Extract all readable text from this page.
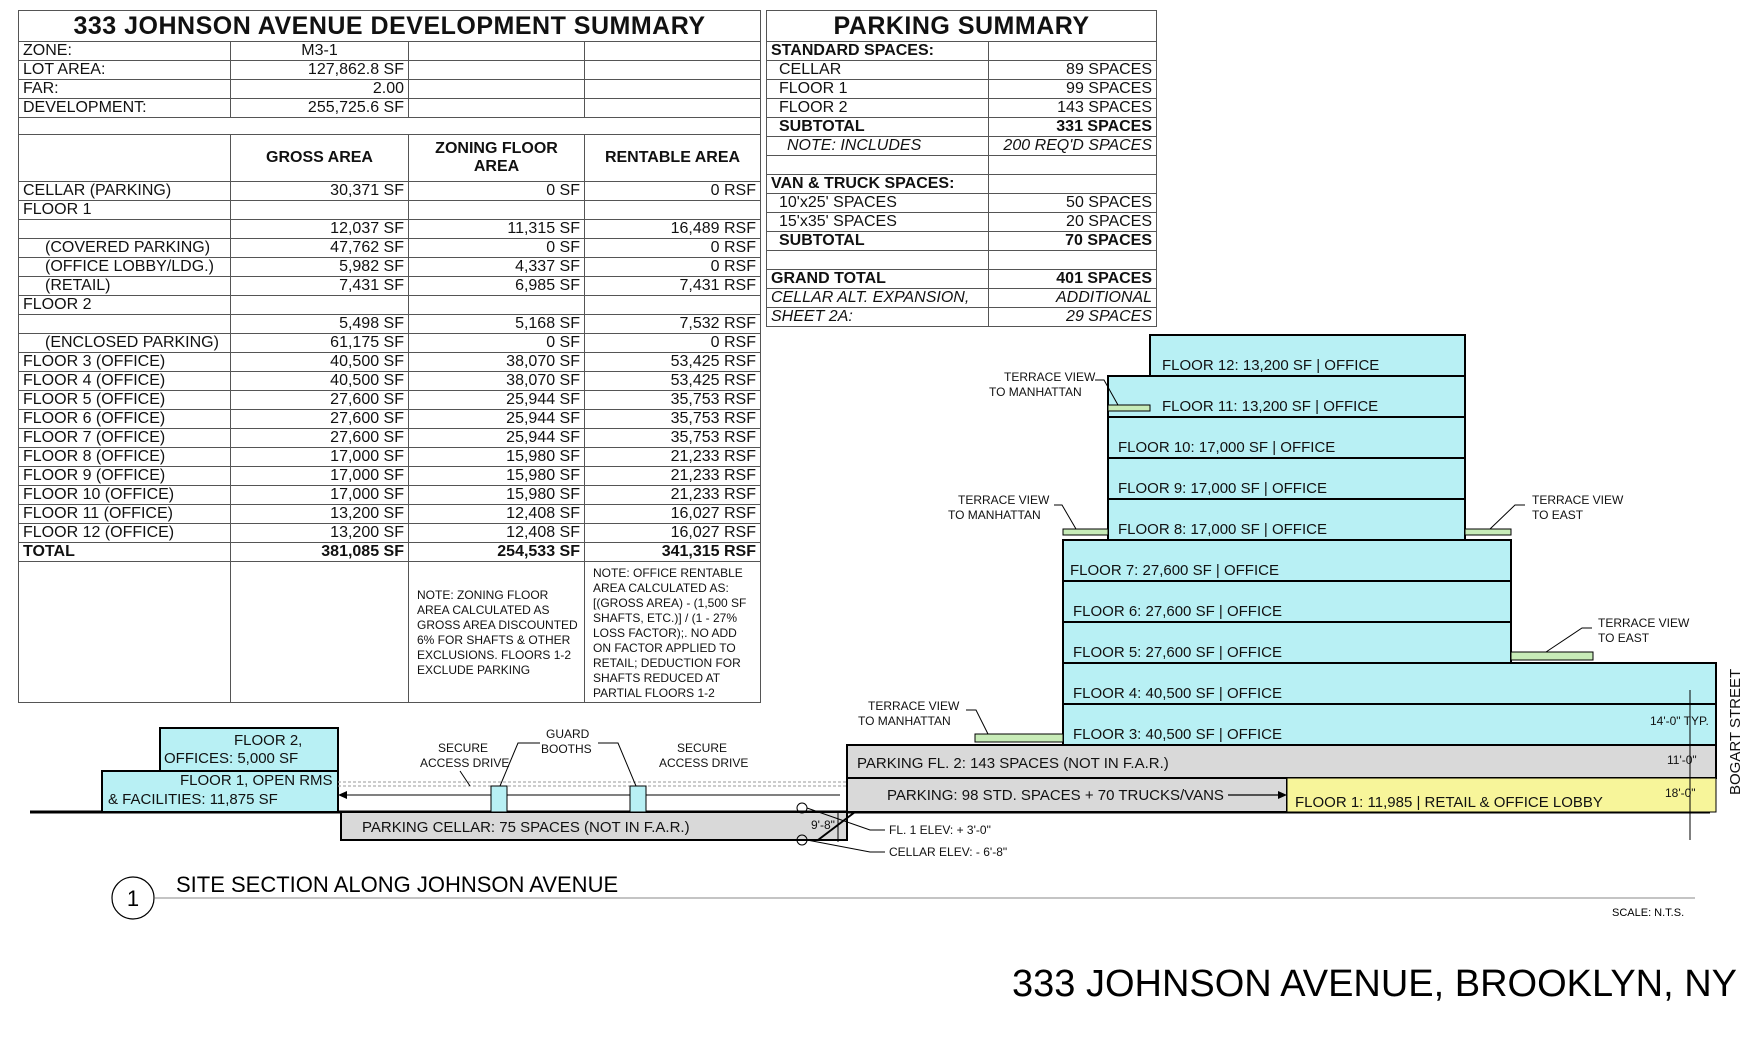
333 JOHNSON AVENUE DEVELOPMENT SUMMARY			
ZONE:	M3-1		
LOT AREA:	127,862.8 SF		
FAR:	2.00		
DEVELOPMENT:	255,725.6 SF		

	GROSS AREA	ZONING FLOOR AREA	RENTABLE AREA
CELLAR (PARKING)	30,371 SF	0 SF	0 RSF
FLOOR 1			
	12,037 SF	11,315 SF	16,489 RSF
(COVERED PARKING)	47,762 SF	0 SF	0 RSF
(OFFICE LOBBY/LDG.)	5,982 SF	4,337 SF	0 RSF
(RETAIL)	7,431 SF	6,985 SF	7,431 RSF
FLOOR 2			
	5,498 SF	5,168 SF	7,532 RSF
(ENCLOSED PARKING)	61,175 SF	0 SF	0 RSF
FLOOR 3 (OFFICE)	40,500 SF	38,070 SF	53,425 RSF
FLOOR 4 (OFFICE)	40,500 SF	38,070 SF	53,425 RSF
FLOOR 5 (OFFICE)	27,600 SF	25,944 SF	35,753 RSF
FLOOR 6 (OFFICE)	27,600 SF	25,944 SF	35,753 RSF
FLOOR 7 (OFFICE)	27,600 SF	25,944 SF	35,753 RSF
FLOOR 8 (OFFICE)	17,000 SF	15,980 SF	21,233 RSF
FLOOR 9 (OFFICE)	17,000 SF	15,980 SF	21,233 RSF
FLOOR 10 (OFFICE)	17,000 SF	15,980 SF	21,233 RSF
FLOOR 11 (OFFICE)	13,200 SF	12,408 SF	16,027 RSF
FLOOR 12 (OFFICE)	13,200 SF	12,408 SF	16,027 RSF
TOTAL	381,085 SF	254,533 SF	341,315 RSF
		NOTE: ZONING FLOOR AREA CALCULATED AS GROSS AREA DISCOUNTED 6% FOR SHAFTS & OTHER EXCLUSIONS. FLOORS 1-2 EXCLUDE PARKING	NOTE: OFFICE RENTABLE AREA CALCULATED AS: [(GROSS AREA) - (1,500 SF SHAFTS, ETC.)] / (1 - 27% LOSS FACTOR);. NO ADD ON FACTOR APPLIED TO RETAIL; DEDUCTION FOR SHAFTS REDUCED AT PARTIAL FLOORS 1-2
PARKING SUMMARY	
STANDARD SPACES:	
CELLAR	89 SPACES
FLOOR 1	99 SPACES
FLOOR 2	143 SPACES
SUBTOTAL	331 SPACES
NOTE: INCLUDES	200 REQ'D SPACES

VAN & TRUCK SPACES:	
10'x25' SPACES	50 SPACES
15'x35' SPACES	20 SPACES
SUBTOTAL	70 SPACES

GRAND TOTAL	401 SPACES
CELLAR ALT. EXPANSION,	ADDITIONAL
SHEET 2A:	29 SPACES
FLOOR 12: 13,200 SF | OFFICE
FLOOR 11: 13,200 SF | OFFICE
FLOOR 10: 17,000 SF | OFFICE
FLOOR 9: 17,000 SF | OFFICE
FLOOR 8: 17,000 SF | OFFICE
FLOOR 7: 27,600 SF | OFFICE
FLOOR 6: 27,600 SF | OFFICE
FLOOR 5: 27,600 SF | OFFICE
FLOOR 4: 40,500 SF | OFFICE
FLOOR 3: 40,500 SF | OFFICE
PARKING FL. 2: 143 SPACES (NOT IN F.A.R.)
PARKING: 98 STD. SPACES + 70 TRUCKS/VANS	FLOOR 1: 11,985 | RETAIL & OFFICE LOBBY
PARKING CELLAR: 75 SPACES (NOT IN F.A.R.)
FLOOR 2,
OFFICES: 5,000 SF
FLOOR 1, OPEN RMS
& FACILITIES: 11,875 SF
SECURE
ACCESS DRIVE
GUARD
BOOTHS	SECURE
ACCESS DRIVE
TERRACE VIEW
TO MANHATTAN
TERRACE VIEW
TO MANHATTAN
TERRACE VIEW
TO EAST
TERRACE VIEW
TO EAST
TERRACE VIEW
TO MANHATTAN	14'-0" TYP.
11'-0"
18'-0"
9'-8"	FL. 1 ELEV: + 3'-0"
CELLAR ELEV: - 6'-8"
BOGART STREET
1
SITE SECTION ALONG JOHNSON AVENUE
SCALE: N.T.S.
333 JOHNSON AVENUE, BROOKLYN, NY
